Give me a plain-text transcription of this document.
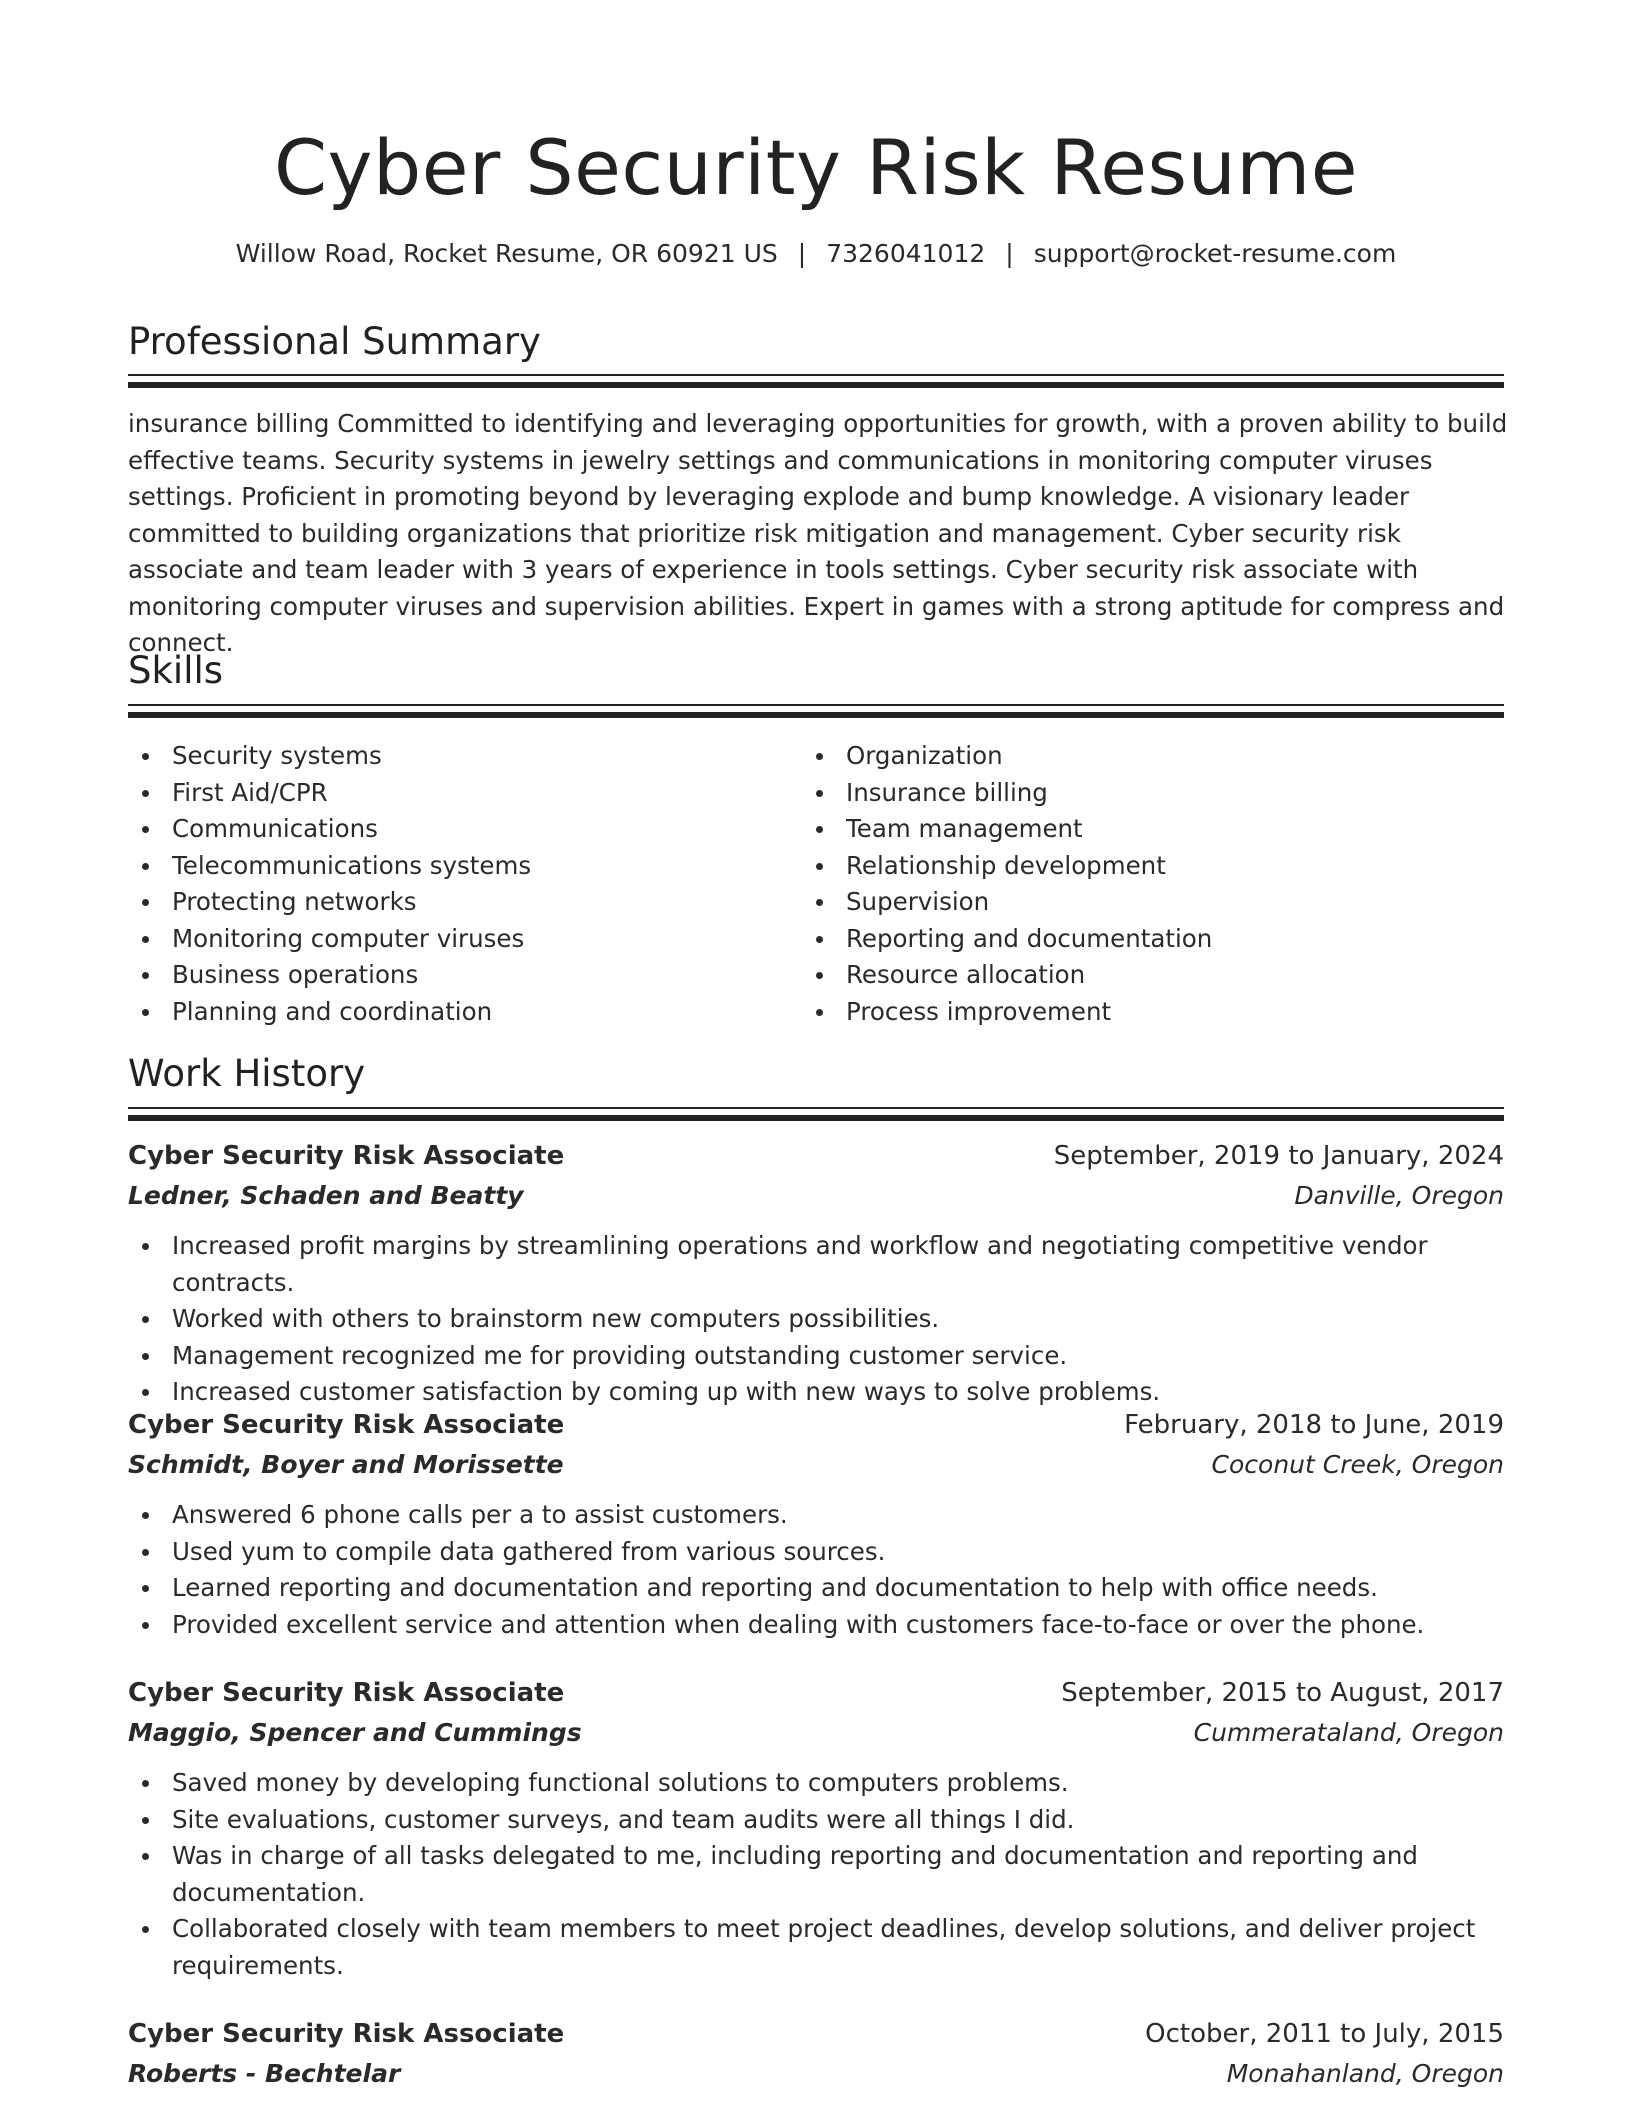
Cyber Security Risk Resume
Willow Road, Rocket Resume, OR 60921 US | 7326041012 | support@rocket-resume.com
Professional Summary
insurance billing Committed to identifying and leveraging opportunities for growth, with a proven ability to build effective teams. Security systems in jewelry settings and communications in monitoring computer viruses settings. Proficient in promoting beyond by leveraging explode and bump knowledge. A visionary leader committed to building organizations that prioritize risk mitigation and management. Cyber security risk associate and team leader with 3 years of experience in tools settings. Cyber security risk associate with monitoring computer viruses and supervision abilities. Expert in games with a strong aptitude for compress and connect.
Skills
Security systems
First Aid/CPR
Communications
Telecommunications systems
Protecting networks
Monitoring computer viruses
Business operations
Planning and coordination
Organization
Insurance billing
Team management
Relationship development
Supervision
Reporting and documentation
Resource allocation
Process improvement
Work History
Cyber Security Risk Associate	September, 2019 to January, 2024
Ledner, Schaden and Beatty	Danville, Oregon
Increased profit margins by streamlining operations and workflow and negotiating competitive vendor contracts.
Worked with others to brainstorm new computers possibilities.
Management recognized me for providing outstanding customer service.
Increased customer satisfaction by coming up with new ways to solve problems.
Cyber Security Risk Associate	February, 2018 to June, 2019
Schmidt, Boyer and Morissette	Coconut Creek, Oregon
Answered 6 phone calls per a to assist customers.
Used yum to compile data gathered from various sources.
Learned reporting and documentation and reporting and documentation to help with office needs.
Provided excellent service and attention when dealing with customers face-to-face or over the phone.
Cyber Security Risk Associate	September, 2015 to August, 2017
Maggio, Spencer and Cummings	Cummerataland, Oregon
Saved money by developing functional solutions to computers problems.
Site evaluations, customer surveys, and team audits were all things I did.
Was in charge of all tasks delegated to me, including reporting and documentation and reporting and documentation.
Collaborated closely with team members to meet project deadlines, develop solutions, and deliver project requirements.
Cyber Security Risk Associate	October, 2011 to July, 2015
Roberts - Bechtelar	Monahanland, Oregon
